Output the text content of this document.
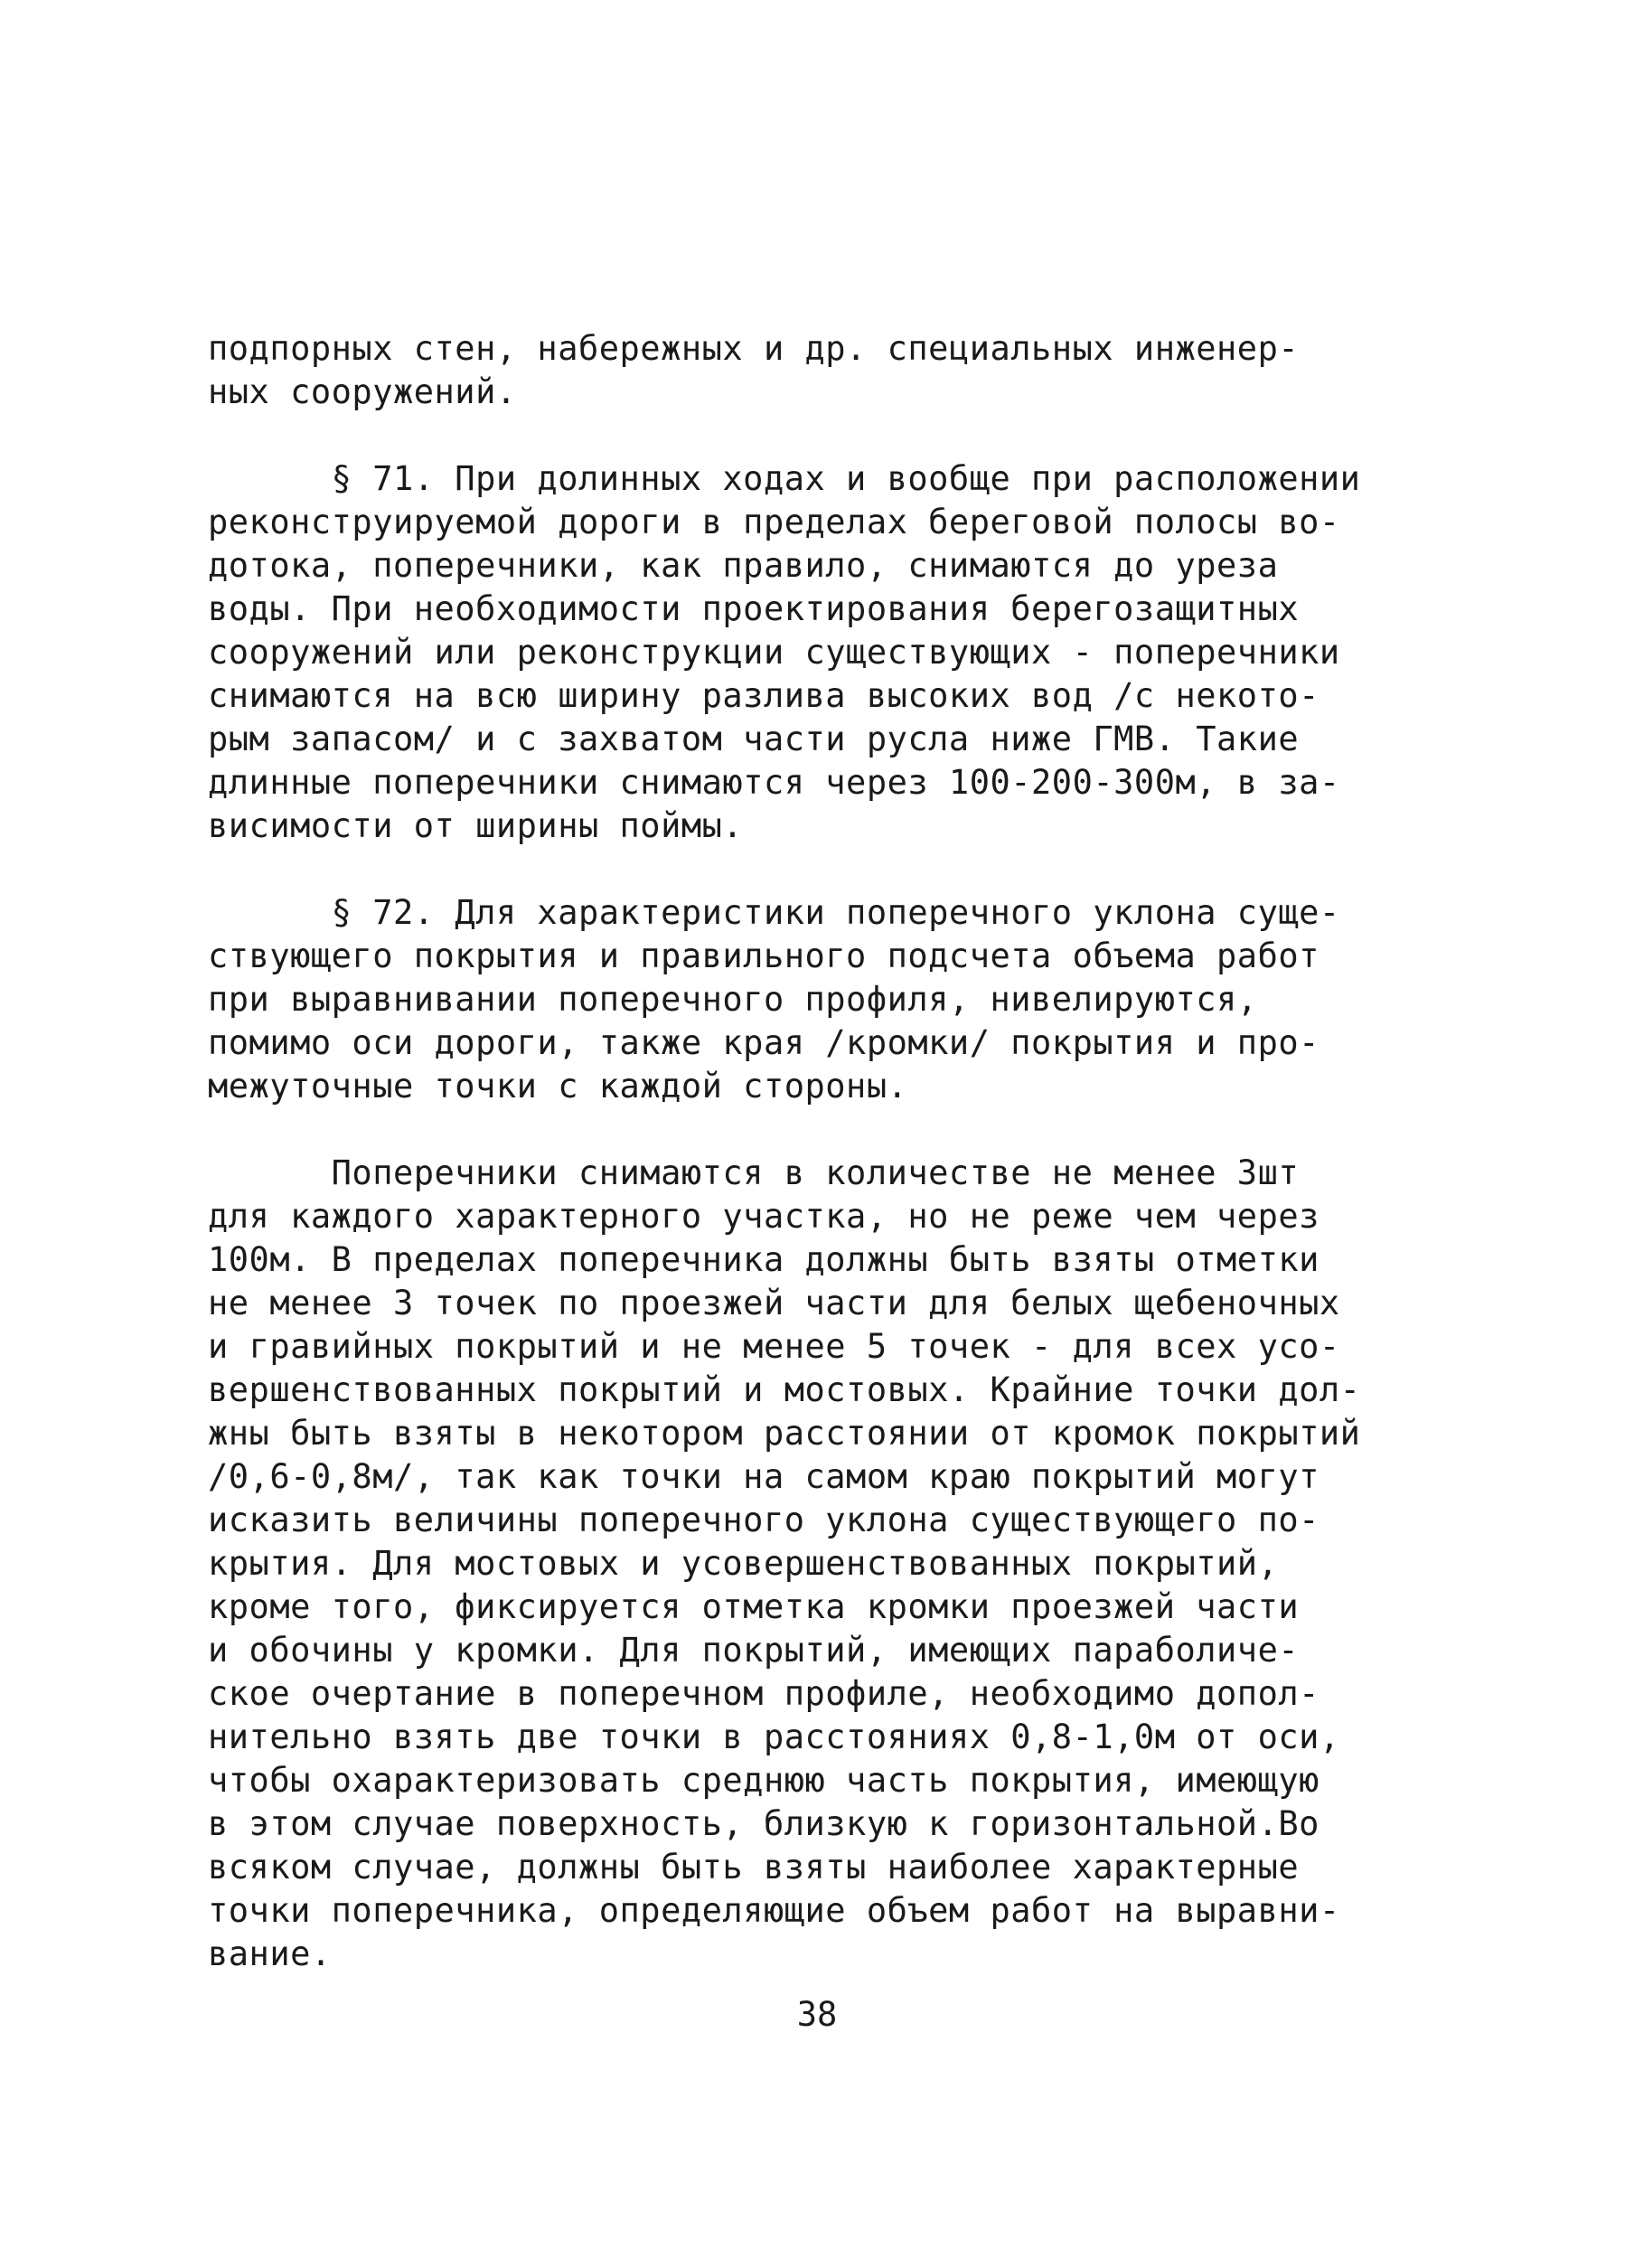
подпорных стен, набережных и др. специальных инженер-
ных сооружений.
§ 71. При долинных ходах и вообще при расположении
реконструируемой дороги в пределах береговой полосы во-
дотока, поперечники, как правило, снимаются до уреза
воды. При необходимости проектирования берегозащитных
сооружений или реконструкции существующих - поперечники
снимаются на всю ширину разлива высоких вод /с некото-
рым запасом/ и с захватом части русла ниже ГМВ. Такие
длинные поперечники снимаются через 100-200-300м, в за-
висимости от ширины поймы.
§ 72. Для характеристики поперечного уклона суще-
ствующего покрытия и правильного подсчета объема работ
при выравнивании поперечного профиля, нивелируются,
помимо оси дороги, также края /кромки/ покрытия и про-
межуточные точки с каждой стороны.
Поперечники снимаются в количестве не менее 3шт
для каждого характерного участка, но не реже чем через
100м. В пределах поперечника должны быть взяты отметки
не менее 3 точек по проезжей части для белых щебеночных
и гравийных покрытий и не менее 5 точек - для всех усо-
вершенствованных покрытий и мостовых. Крайние точки дол-
жны быть взяты в некотором расстоянии от кромок покрытий
/0,6-0,8м/, так как точки на самом краю покрытий могут
исказить величины поперечного уклона существующего по-
крытия. Для мостовых и усовершенствованных покрытий,
кроме того, фиксируется отметка кромки проезжей части
и обочины у кромки. Для покрытий, имеющих параболиче-
ское очертание в поперечном профиле, необходимо допол-
нительно взять две точки в расстояниях 0,8-1,0м от оси,
чтобы охарактеризовать среднюю часть покрытия, имеющую
в этом случае поверхность, близкую к горизонтальной.Во
всяком случае, должны быть взяты наиболее характерные
точки поперечника, определяющие объем работ на выравни-
вание.
38
